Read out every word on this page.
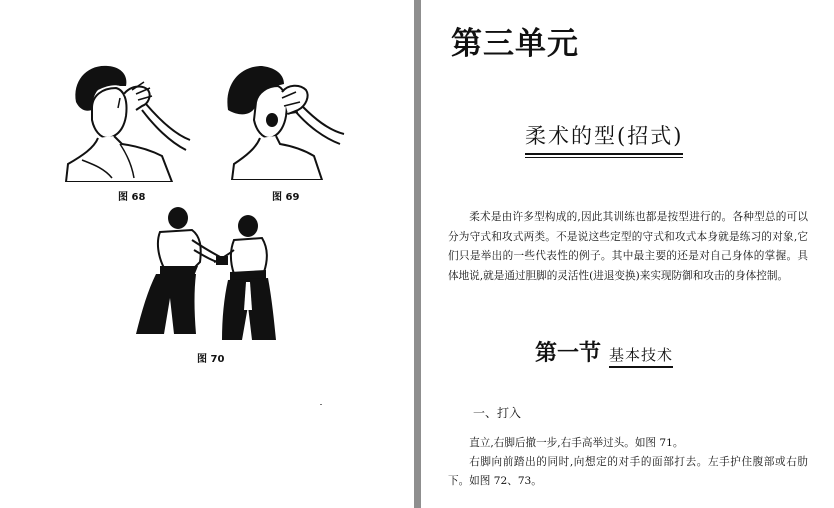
图 68	图 69
图 70
第三单元
柔术的型(招式)

柔术是由许多型构成的,因此其训练也都是按型进行的。各种型总的可以分为守式和攻式两类。不是说这些定型的守式和攻式本身就是练习的对象,它们只是举出的一些代表性的例子。其中最主要的还是对自己身体的掌握。具体地说,就是通过胆脚的灵活性(进退变换)来实现防御和攻击的身体控制。

第一节 基本技术
一、打入

直立,右脚后撤一步,右手高举过头。如图 71。

右脚向前踏出的同时,向想定的对手的面部打去。左手护住腹部或右肋下。如图 72、73。
